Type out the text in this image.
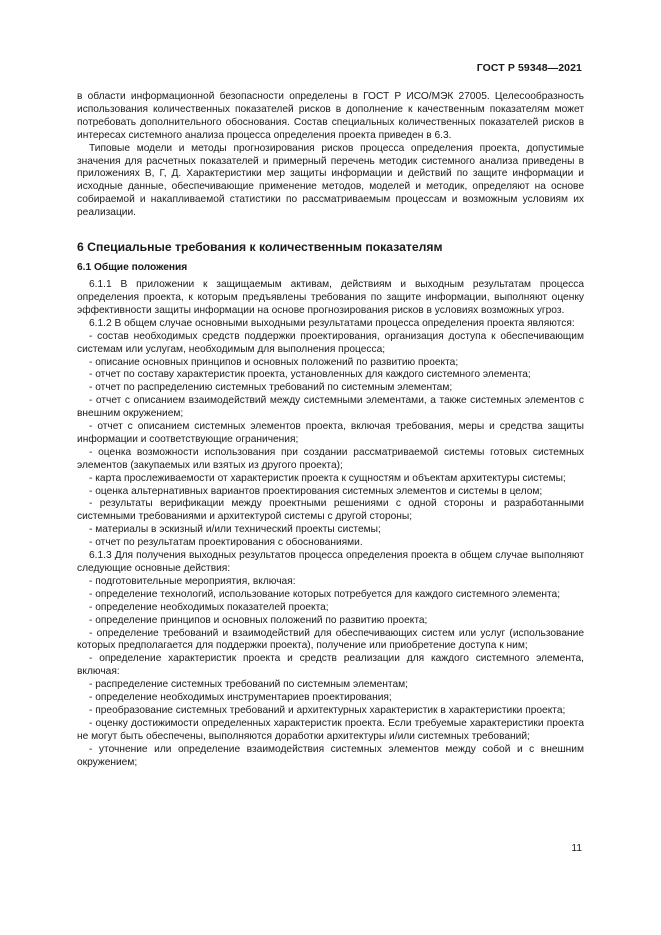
ГОСТ Р 59348—2021

в области информационной безопасности определены в ГОСТ Р ИСО/МЭК 27005. Целесообразность использования количественных показателей рисков в дополнение к качественным показателям может потребовать дополнительного обоснования. Состав специальных количественных показателей рисков в интересах системного анализа процесса определения проекта приведен в 6.3.

Типовые модели и методы прогнозирования рисков процесса определения проекта, допустимые значения для расчетных показателей и примерный перечень методик системного анализа приведены в приложениях В, Г, Д. Характеристики мер защиты информации и действий по защите информации и исходные данные, обеспечивающие применение методов, моделей и методик, определяют на основе собираемой и накапливаемой статистики по рассматриваемым процессам и возможным условиям их реализации.

6 Специальные требования к количественным показателям
6.1 Общие положения

6.1.1 В приложении к защищаемым активам, действиям и выходным результатам процесса определения проекта, к которым предъявлены требования по защите информации, выполняют оценку эффективности защиты информации на основе прогнозирования рисков в условиях возможных угроз.

6.1.2 В общем случае основными выходными результатами процесса определения проекта являются:

- состав необходимых средств поддержки проектирования, организация доступа к обеспечивающим системам или услугам, необходимым для выполнения процесса;

- описание основных принципов и основных положений по развитию проекта;

- отчет по составу характеристик проекта, установленных для каждого системного элемента;

- отчет по распределению системных требований по системным элементам;

- отчет с описанием взаимодействий между системными элементами, а также системных элементов с внешним окружением;

- отчет с описанием системных элементов проекта, включая требования, меры и средства защиты информации и соответствующие ограничения;

- оценка возможности использования при создании рассматриваемой системы готовых системных элементов (закупаемых или взятых из другого проекта);

- карта прослеживаемости от характеристик проекта к сущностям и объектам архитектуры системы;

- оценка альтернативных вариантов проектирования системных элементов и системы в целом;

- результаты верификации между проектными решениями с одной стороны и разработанными системными требованиями и архитектурой системы с другой стороны;

- материалы в эскизный и/или технический проекты системы;

- отчет по результатам проектирования с обоснованиями.

6.1.3 Для получения выходных результатов процесса определения проекта в общем случае выполняют следующие основные действия:

- подготовительные мероприятия, включая:

- определение технологий, использование которых потребуется для каждого системного элемента;

- определение необходимых показателей проекта;

- определение принципов и основных положений по развитию проекта;

- определение требований и взаимодействий для обеспечивающих систем или услуг (использование которых предполагается для поддержки проекта), получение или приобретение доступа к ним;

- определение характеристик проекта и средств реализации для каждого системного элемента, включая:

- распределение системных требований по системным элементам;

- определение необходимых инструментариев проектирования;

- преобразование системных требований и архитектурных характеристик в характеристики проекта;

- оценку достижимости определенных характеристик проекта. Если требуемые характеристики проекта не могут быть обеспечены, выполняются доработки архитектуры и/или системных требований;

- уточнение или определение взаимодействия системных элементов между собой и с внешним окружением;

11
